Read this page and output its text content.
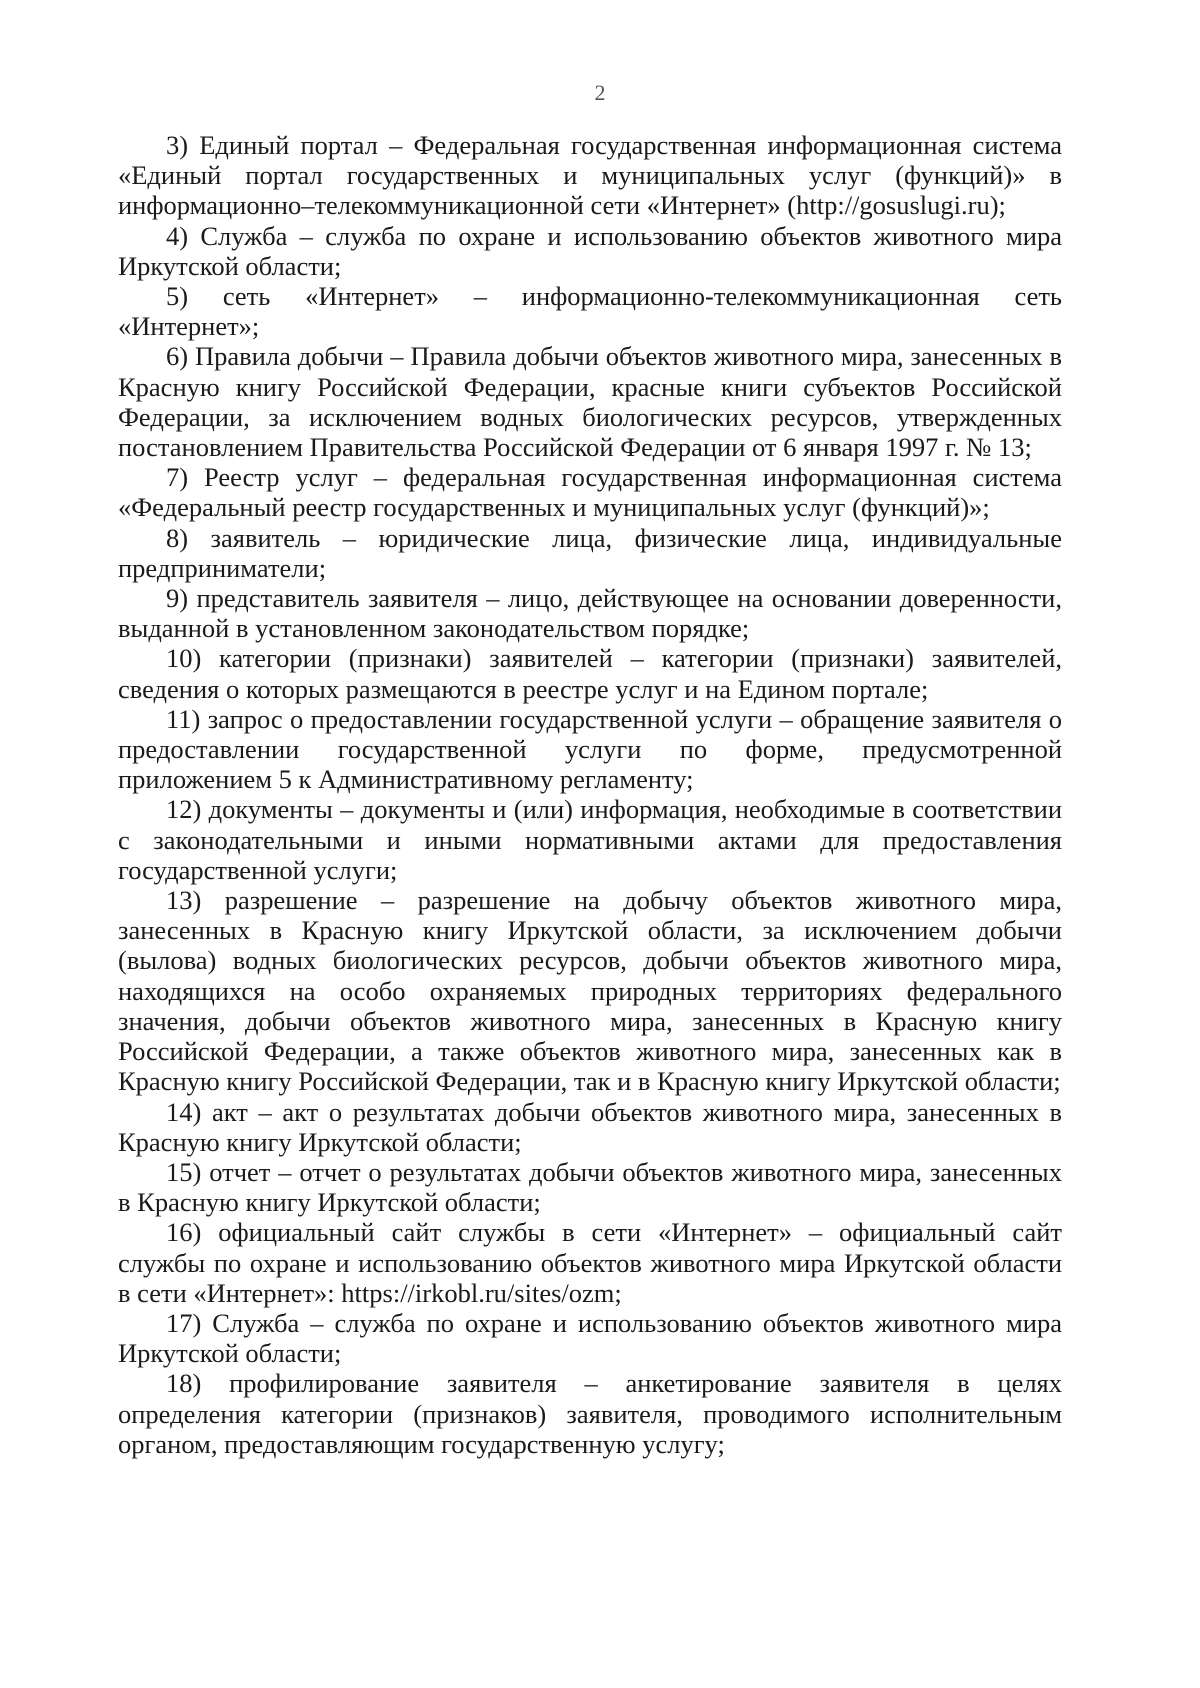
2

3) Единый портал – Федеральная государственная информационная система «Единый портал государственных и муниципальных услуг (функций)» в информационно–телекоммуникационной сети «Интернет» (http://gosuslugi.ru);

4) Служба – служба по охране и использованию объектов животного мира Иркутской области;

5) сеть «Интернет» – информационно-телекоммуникационная сеть «Интернет»;

6) Правила добычи – Правила добычи объектов животного мира, занесенных в Красную книгу Российской Федерации, красные книги субъектов Российской Федерации, за исключением водных биологических ресурсов, утвержденных постановлением Правительства Российской Федерации от 6 января 1997 г. № 13;

7) Реестр услуг – федеральная государственная информационная система «Федеральный реестр государственных и муниципальных услуг (функций)»;

8) заявитель – юридические лица, физические лица, индивидуальные предприниматели;

9) представитель заявителя – лицо, действующее на основании доверенности, выданной в установленном законодательством порядке;

10) категории (признаки) заявителей – категории (признаки) заявителей, сведения о которых размещаются в реестре услуг и на Едином портале;

11) запрос о предоставлении государственной услуги – обращение заявителя о предоставлении государственной услуги по форме, предусмотренной приложением 5 к Административному регламенту;

12) документы – документы и (или) информация, необходимые в соответствии с законодательными и иными нормативными актами для предоставления государственной услуги;

13) разрешение – разрешение на добычу объектов животного мира, занесенных в Красную книгу Иркутской области, за исключением добычи (вылова) водных биологических ресурсов, добычи объектов животного мира, находящихся на особо охраняемых природных территориях федерального значения, добычи объектов животного мира, занесенных в Красную книгу Российской Федерации, а также объектов животного мира, занесенных как в Красную книгу Российской Федерации, так и в Красную книгу Иркутской области;

14) акт – акт о результатах добычи объектов животного мира, занесенных в Красную книгу Иркутской области;

15) отчет – отчет о результатах добычи объектов животного мира, занесенных в Красную книгу Иркутской области;

16) официальный сайт службы в сети «Интернет» – официальный сайт службы по охране и использованию объектов животного мира Иркутской области в сети «Интернет»: https://irkobl.ru/sites/ozm;

17) Служба – служба по охране и использованию объектов животного мира Иркутской области;

18) профилирование заявителя – анкетирование заявителя в целях определения категории (признаков) заявителя, проводимого исполнительным органом, предоставляющим государственную услугу;
